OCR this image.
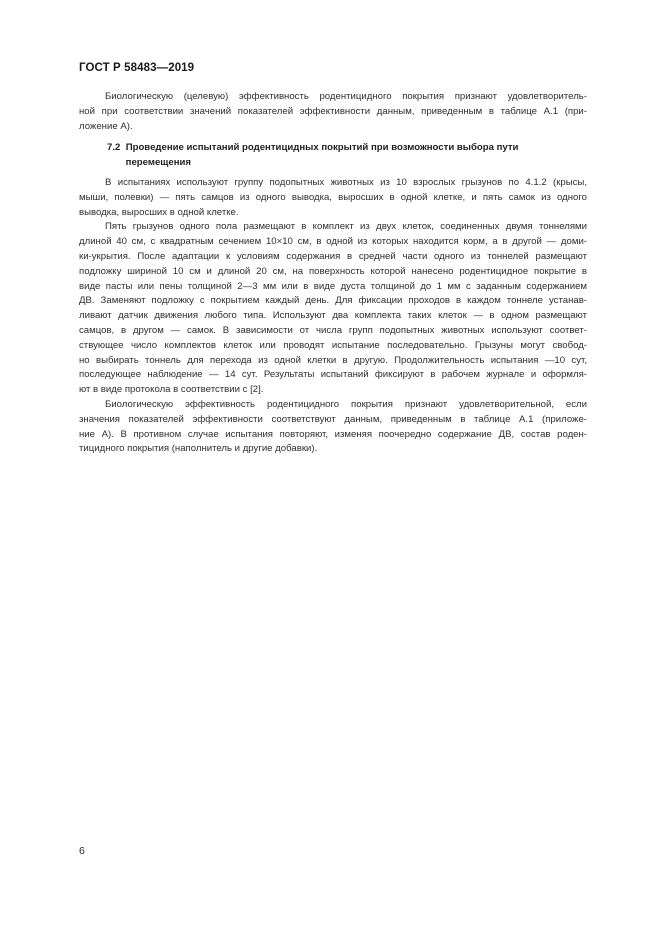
ГОСТ Р 58483—2019
Биологическую (целевую) эффективность родентицидного покрытия признают удовлетворитель-
ной при соответствии значений показателей эффективности данным, приведенным в таблице А.1 (при-
ложение А).
7.2 Проведение испытаний родентицидных покрытий при возможности выбора пути
перемещения
В испытаниях используют группу подопытных животных из 10 взрослых грызунов по 4.1.2 (крысы,
мыши, полевки) — пять самцов из одного выводка, выросших в одной клетке, и пять самок из одного
выводка, выросших в одной клетке.
Пять грызунов одного пола размещают в комплект из двух клеток, соединенных двумя тоннелями
длиной 40 см, с квадратным сечением 10×10 см, в одной из которых находится корм, а в другой — доми-
ки-укрытия. После адаптации к условиям содержания в средней части одного из тоннелей размещают
подложку шириной 10 см и длиной 20 см, на поверхность которой нанесено родентицидное покрытие в
виде пасты или пены толщиной 2—3 мм или в виде дуста толщиной до 1 мм с заданным содержанием
ДВ. Заменяют подложку с покрытием каждый день. Для фиксации проходов в каждом тоннеле устанав-
ливают датчик движения любого типа. Используют два комплекта таких клеток — в одном размещают
самцов, в другом — самок. В зависимости от числа групп подопытных животных используют соответ-
ствующее число комплектов клеток или проводят испытание последовательно. Грызуны могут свобод-
но выбирать тоннель для перехода из одной клетки в другую. Продолжительность испытания —10 сут,
последующее наблюдение — 14 сут. Результаты испытаний фиксируют в рабочем журнале и оформля-
ют в виде протокола в соответствии с [2].
Биологическую эффективность родентицидного покрытия признают удовлетворительной, если
значения показателей эффективности соответствуют данным, приведенным в таблице А.1 (приложе-
ние А). В противном случае испытания повторяют, изменяя поочередно содержание ДВ, состав роден-
тицидного покрытия (наполнитель и другие добавки).
6
